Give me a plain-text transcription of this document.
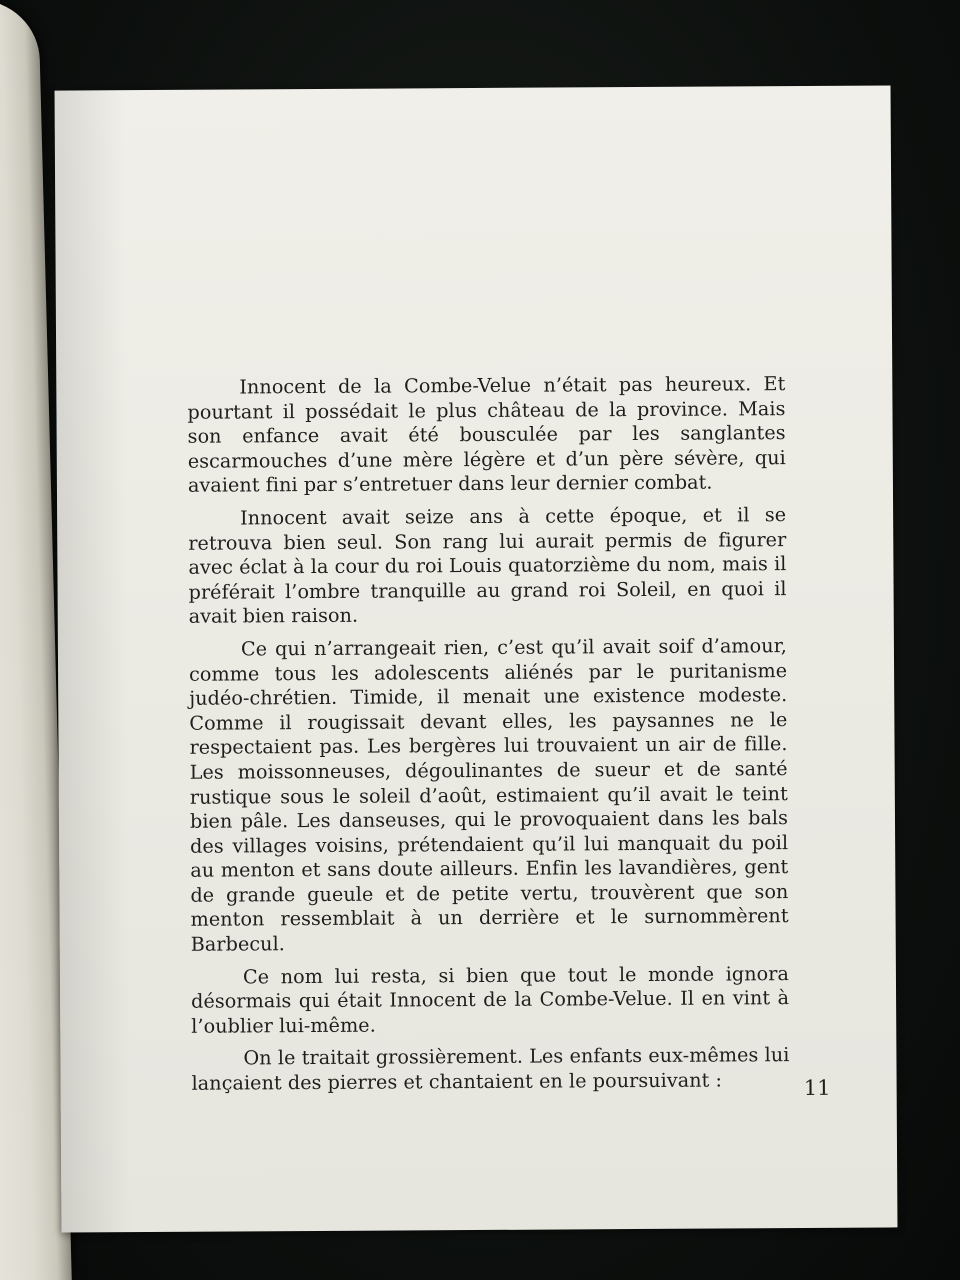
Innocent de la Combe-Velue n’était pas heureux. Et pourtant il possédait le plus château de la province. Mais son enfance avait été bousculée par les sanglantes escarmouches d’une mère légère et d’un père sévère, qui avaient fini par s’entretuer dans leur dernier combat.

Innocent avait seize ans à cette époque, et il se retrouva bien seul. Son rang lui aurait permis de figurer avec éclat à la cour du roi Louis quatorzième du nom, mais il préférait l’ombre tranquille au grand roi Soleil, en quoi il avait bien raison.

Ce qui n’arrangeait rien, c’est qu’il avait soif d’amour, comme tous les adolescents aliénés par le puritanisme judéo-chrétien. Timide, il menait une existence modeste. Comme il rougissait devant elles, les paysannes ne le respectaient pas. Les bergères lui trouvaient un air de fille. Les moissonneuses, dégoulinantes de sueur et de santé rustique sous le soleil d’août, estimaient qu’il avait le teint bien pâle. Les danseuses, qui le provoquaient dans les bals des villages voisins, prétendaient qu’il lui manquait du poil au menton et sans doute ailleurs. Enfin les lavandières, gent de grande gueule et de petite vertu, trouvèrent que son menton ressemblait à un derrière et le surnommèrent Barbecul.

Ce nom lui resta, si bien que tout le monde ignora désormais qui était Innocent de la Combe-Velue. Il en vint à l’oublier lui-même.

On le traitait grossièrement. Les enfants eux-mêmes lui lançaient des pierres et chantaient en le poursuivant :	11
